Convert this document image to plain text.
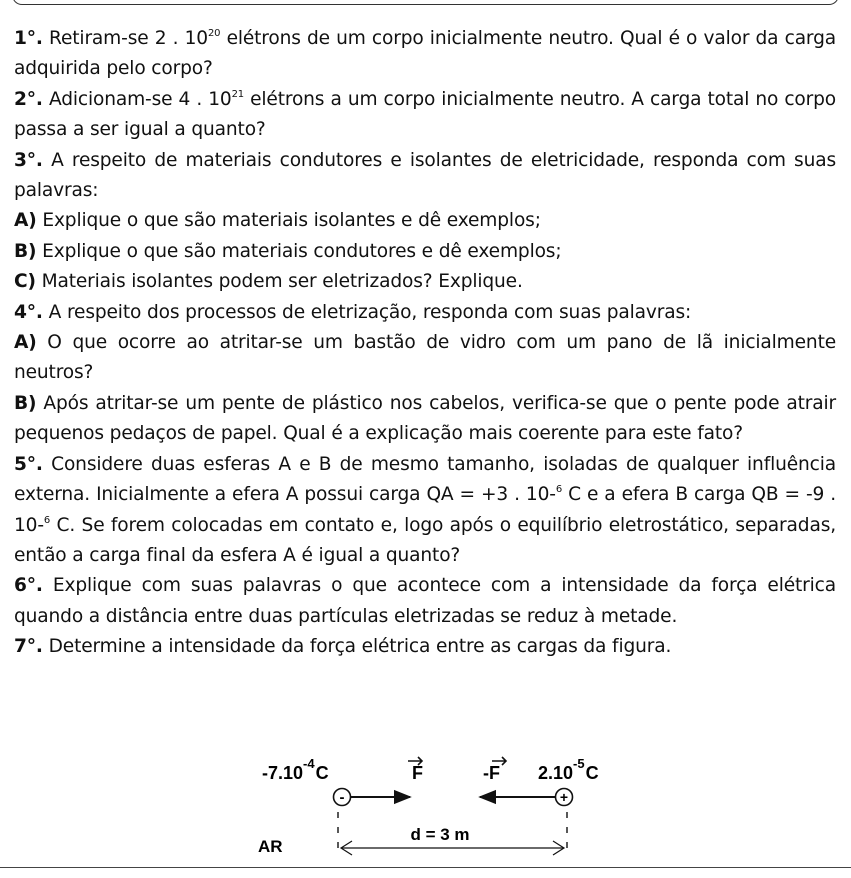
1°. Retiram-se 2 . $10^{20}$ elétrons de um corpo inicialmente neutro. Qual é o valor da carga adquirida pelo corpo?

2°. Adicionam-se 4 . $10^{21}$ elétrons a um corpo inicialmente neutro. A carga total no corpo passa a ser igual a quanto?

3°. A respeito de materiais condutores e isolantes de eletricidade, responda com suas palavras:

A) Explique o que são materiais isolantes e dê exemplos;

B) Explique o que são materiais condutores e dê exemplos;

C) Materiais isolantes podem ser eletrizados? Explique.

4°. A respeito dos processos de eletrização, responda com suas palavras:

A) O que ocorre ao atritar-se um bastão de vidro com um pano de lã inicialmente neutros?

B) Após atritar-se um pente de plástico nos cabelos, verifica-se que o pente pode atrair pequenos pedaços de papel. Qual é a explicação mais coerente para este fato?

5°. Considere duas esferas A e B de mesmo tamanho, isoladas de qualquer influência externa. Inicialmente a efera A possui carga QA = +3 . 10-$^6$ C e a efera B carga QB = -9 . 10-$^6$ C. Se forem colocadas em contato e, logo após o equilíbrio eletrostático, separadas, então a carga final da esfera A é igual a quanto?

6°. Explique com suas palavras o que acontece com a intensidade da força elétrica quando a distância entre duas partículas eletrizadas se reduz à metade.

7°. Determine a intensidade da força elétrica entre as cargas da figura.

$-7.10^{-4}C$	F	-F $2.10^{-5}C$
-	+
d = 3 m
AR
